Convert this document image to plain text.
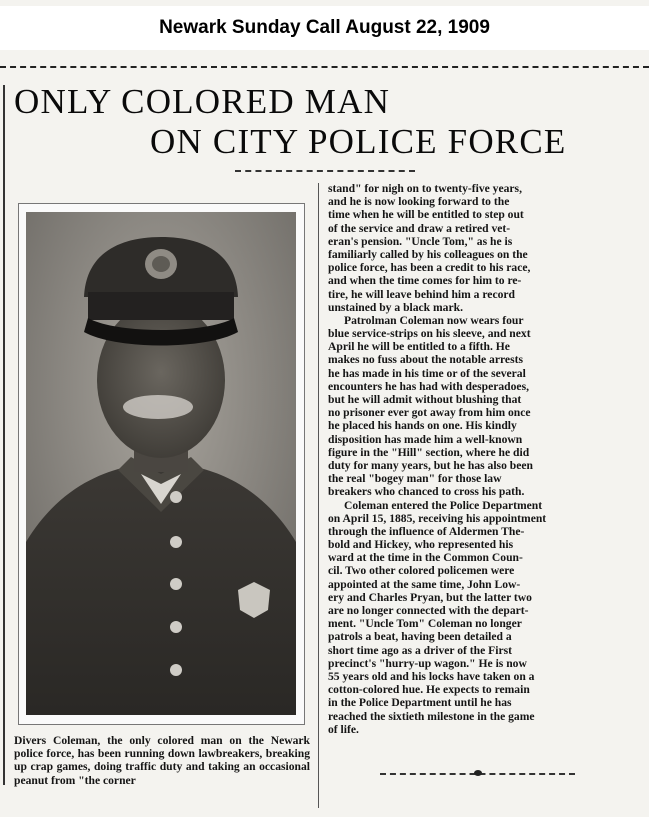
Newark Sunday Call August 22, 1909
ONLY COLORED MAN
ON CITY POLICE FORCE
Divers Coleman, the only colored man on the Newark police force, has been running down lawbreakers, breaking up crap games, doing traffic duty and taking an occasional peanut from "the corner
stand" for nigh on to twenty-five years,
and he is now looking forward to the
time when he will be entitled to step out
of the service and draw a retired vet-
eran's pension. "Uncle Tom," as he is
familiarly called by his colleagues on the
police force, has been a credit to his race,
and when the time comes for him to re-
tire, he will leave behind him a record
unstained by a black mark.
Patrolman Coleman now wears four
blue service-strips on his sleeve, and next
April he will be entitled to a fifth. He
makes no fuss about the notable arrests
he has made in his time or of the several
encounters he has had with desperadoes,
but he will admit without blushing that
no prisoner ever got away from him once
he placed his hands on one. His kindly
disposition has made him a well-known
figure in the "Hill" section, where he did
duty for many years, but he has also been
the real "bogey man" for those law
breakers who chanced to cross his path.
Coleman entered the Police Department
on April 15, 1885, receiving his appointment
through the influence of Aldermen The-
bold and Hickey, who represented his
ward at the time in the Common Coun-
cil. Two other colored policemen were
appointed at the same time, John Low-
ery and Charles Pryan, but the latter two
are no longer connected with the depart-
ment. "Uncle Tom" Coleman no longer
patrols a beat, having been detailed a
short time ago as a driver of the First
precinct's "hurry-up wagon." He is now
55 years old and his locks have taken on a
cotton-colored hue. He expects to remain
in the Police Department until he has
reached the sixtieth milestone in the game
of life.
